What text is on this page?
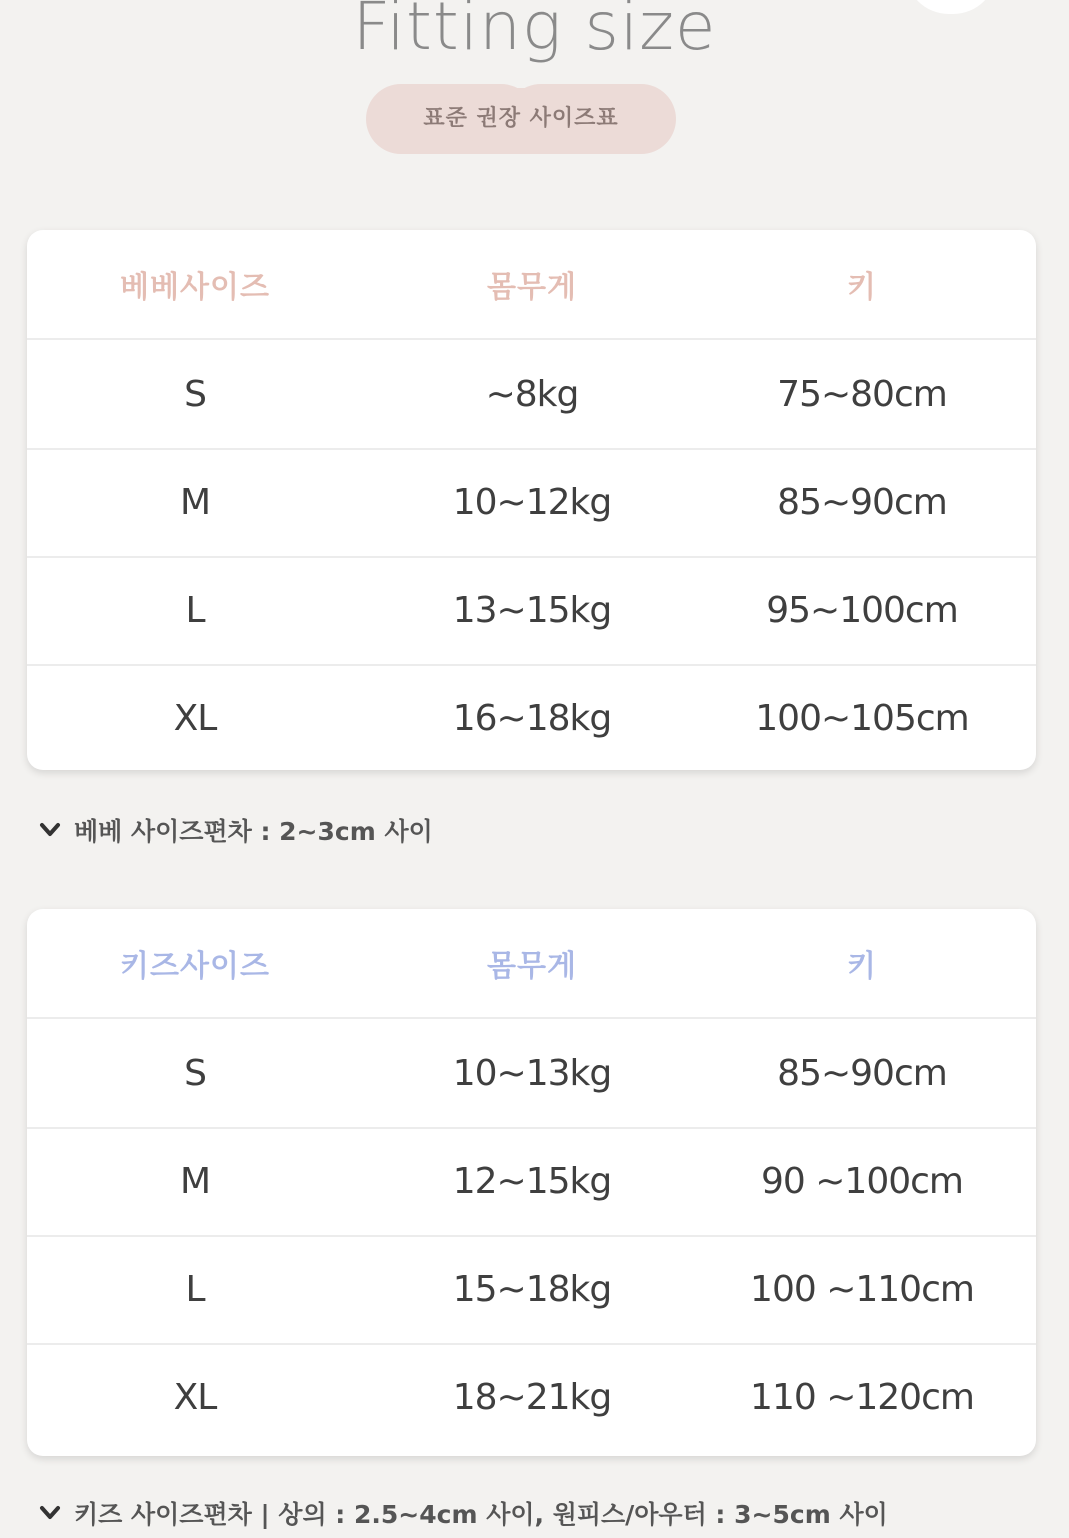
Fitting size
표준 권장 사이즈표
베베사이즈	몸무게	키
S	~8kg	75~80cm
M	10~12kg	85~90cm
L	13~15kg	95~100cm
XL	16~18kg	100~105cm
베베 사이즈편차 : 2~3cm 사이
키즈사이즈	몸무게	키
S	10~13kg	85~90cm
M	12~15kg	90 ~100cm
L	15~18kg	100 ~110cm
XL	18~21kg	110 ~120cm
키즈 사이즈편차 | 상의 : 2.5~4cm 사이, 원피스/아우터 : 3~5cm 사이
